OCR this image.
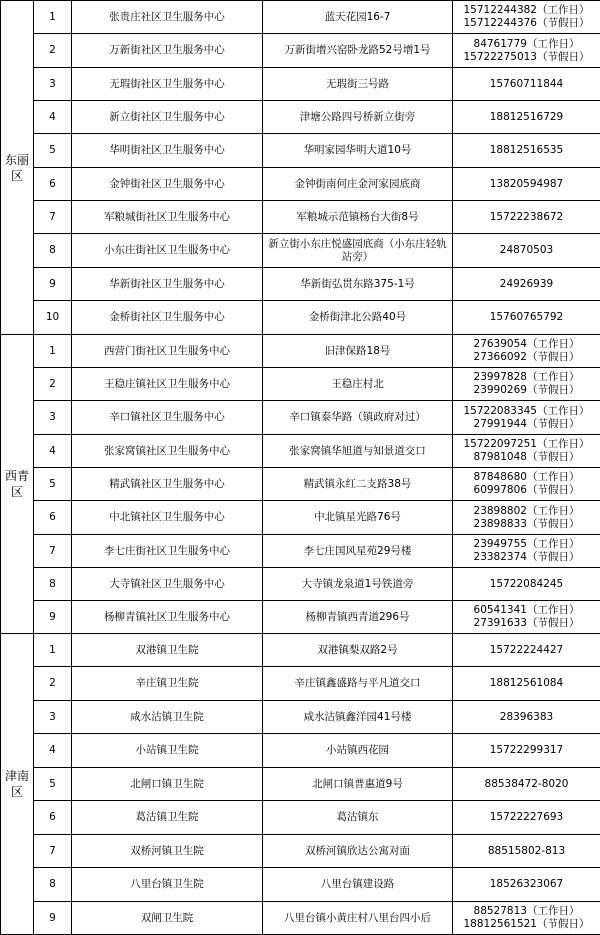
东丽
区	1	张贵庄社区卫生服务中心	蓝天花园16-7	15712244382（工作日）
15712244376（节假日）

	2	万新街社区卫生服务中心	万新街增兴窑卧龙路52号增1号	84761779（工作日）
15722275013（节假日）

	3	无瑕街社区卫生服务中心	无瑕街三号路	15760711844

	4	新立街社区卫生服务中心	津塘公路四号桥新立街旁	18812516729

	5	华明街社区卫生服务中心	华明家园华明大道10号	18812516535

	6	金钟街社区卫生服务中心	金钟街南何庄金河家园底商	13820594987

	7	军粮城街社区卫生服务中心	军粮城示范镇杨台大街8号	15722238672

	8	小东庄街社区卫生服务中心	新立街小东庄悦盛园底商（小东庄轻轨
站旁）	24870503

	9	华新街社区卫生服务中心	华新街弘贯东路375-1号	24926939

	10	金桥街社区卫生服务中心	金桥街津北公路40号	15760765792

西青
区	1	西营门街社区卫生服务中心	旧津保路18号	27639054（工作日）
27366092（节假日）

	2	王稳庄镇社区卫生服务中心	王稳庄村北	23997828（工作日）
23990269（节假日）

	3	辛口镇社区卫生服务中心	辛口镇泰华路（镇政府对过）	15722083345（工作日）
27991944（节假日）

	4	张家窝镇社区卫生服务中心	张家窝镇华旭道与知景道交口	15722097251（工作日）
87981048（节假日）

	5	精武镇社区卫生服务中心	精武镇永红二支路38号	87848680（工作日）
60997806（节假日）

	6	中北镇社区卫生服务中心	中北镇星光路76号	23898802（工作日）
23898833（节假日）

	7	李七庄街社区卫生服务中心	李七庄国风星苑29号楼	23949755（工作日）
23382374（节假日）

	8	大寺镇社区卫生服务中心	大寺镇龙泉道1号铁道旁	15722084245

	9	杨柳青镇社区卫生服务中心	杨柳青镇西青道296号	60541341（工作日）
27391633（节假日）

津南
区	1	双港镇卫生院	双港镇梨双路2号	15722224427

	2	辛庄镇卫生院	辛庄镇鑫盛路与平凡道交口	18812561084

	3	咸水沽镇卫生院	咸水沽镇鑫洋园41号楼	28396383

	4	小站镇卫生院	小站镇西花园	15722299317

	5	北闸口镇卫生院	北闸口镇普惠道9号	88538472-8020

	6	葛沽镇卫生院	葛沽镇东	15722227693

	7	双桥河镇卫生院	双桥河镇欣达公寓对面	88515802-813

	8	八里台镇卫生院	八里台镇建设路	18526323067

	9	双闸卫生院	八里台镇小黄庄村八里台四小后	88527813（工作日）
18812561521（节假日）
